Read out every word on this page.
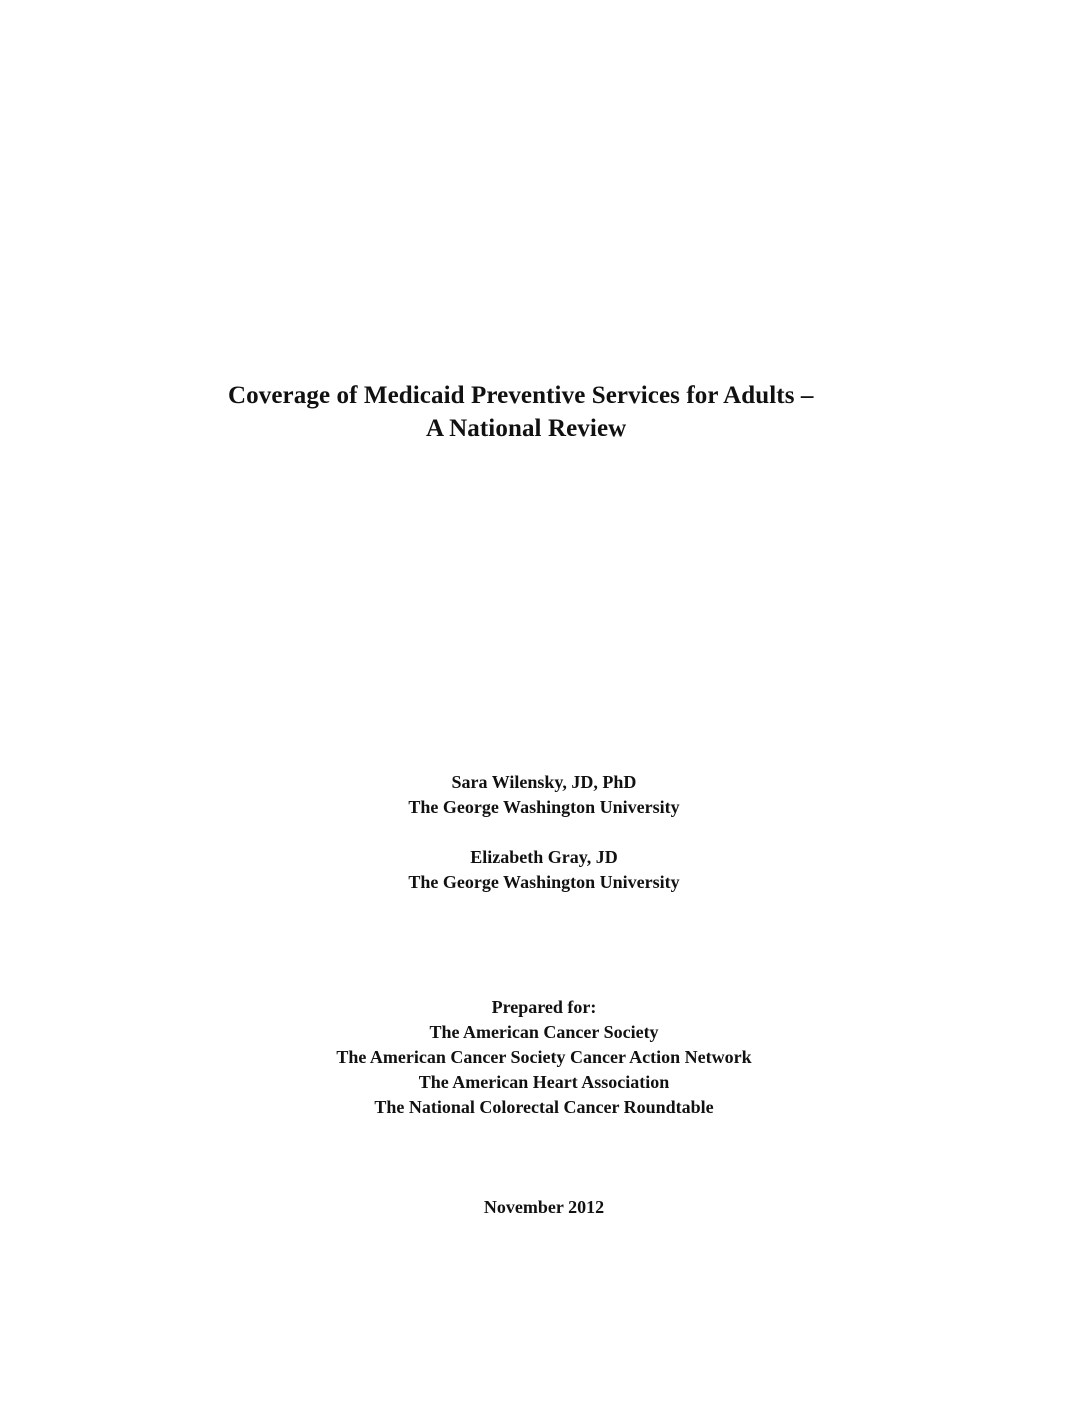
Coverage of Medicaid Preventive Services for Adults –
A National Review
Sara Wilensky, JD, PhD
The George Washington University
Elizabeth Gray, JD
The George Washington University
Prepared for:
The American Cancer Society
The American Cancer Society Cancer Action Network
The American Heart Association
The National Colorectal Cancer Roundtable
November 2012
